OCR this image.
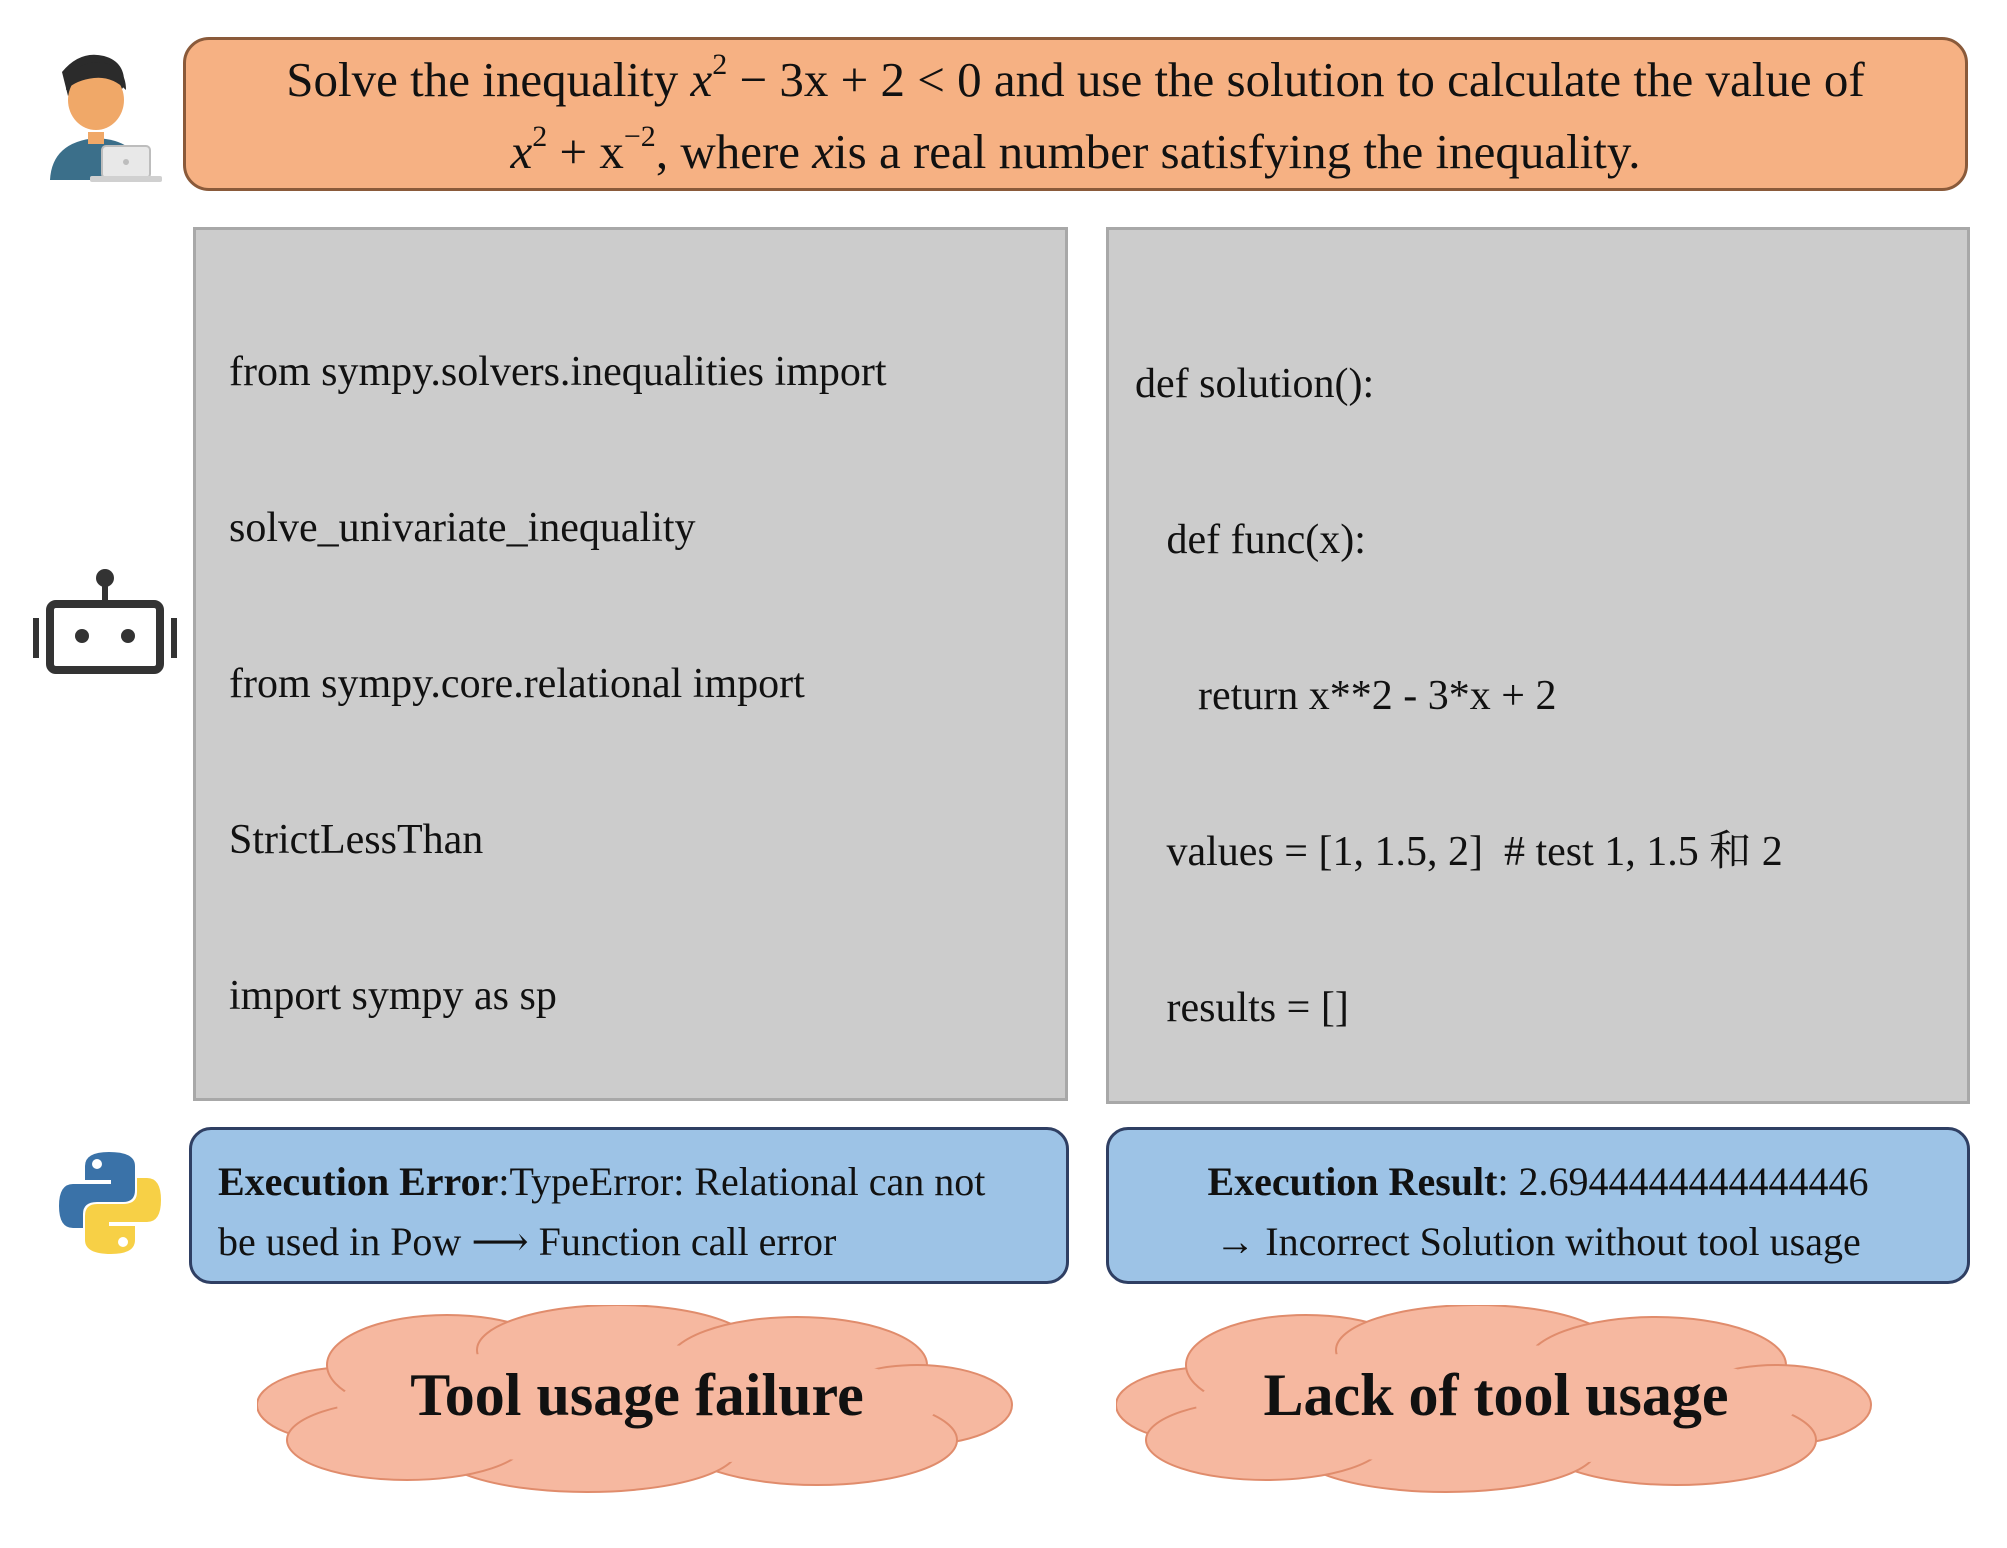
Solve the inequality $x^2 - 3x + 2 < 0$ and use the solution to calculate the value of
$x^2 + x^{-2}$, where xis a real number satisfying the inequality.

from sympy.solvers.inequalities import

solve_univariate_inequality

from sympy.core.relational import

StrictLessThan

import sympy as sp

def solution():

def func(x):

return x**2 - 3*x + 2

values = [1, 1.5, 2]  # test 1, 1.5 和 2

results = []

Execution Error:TypeError: Relational can not
be used in Pow ⟶ Function call error
Execution Result: 2.6944444444444446
→ Incorrect Solution without tool usage
Tool usage failure	Lack of tool usage
